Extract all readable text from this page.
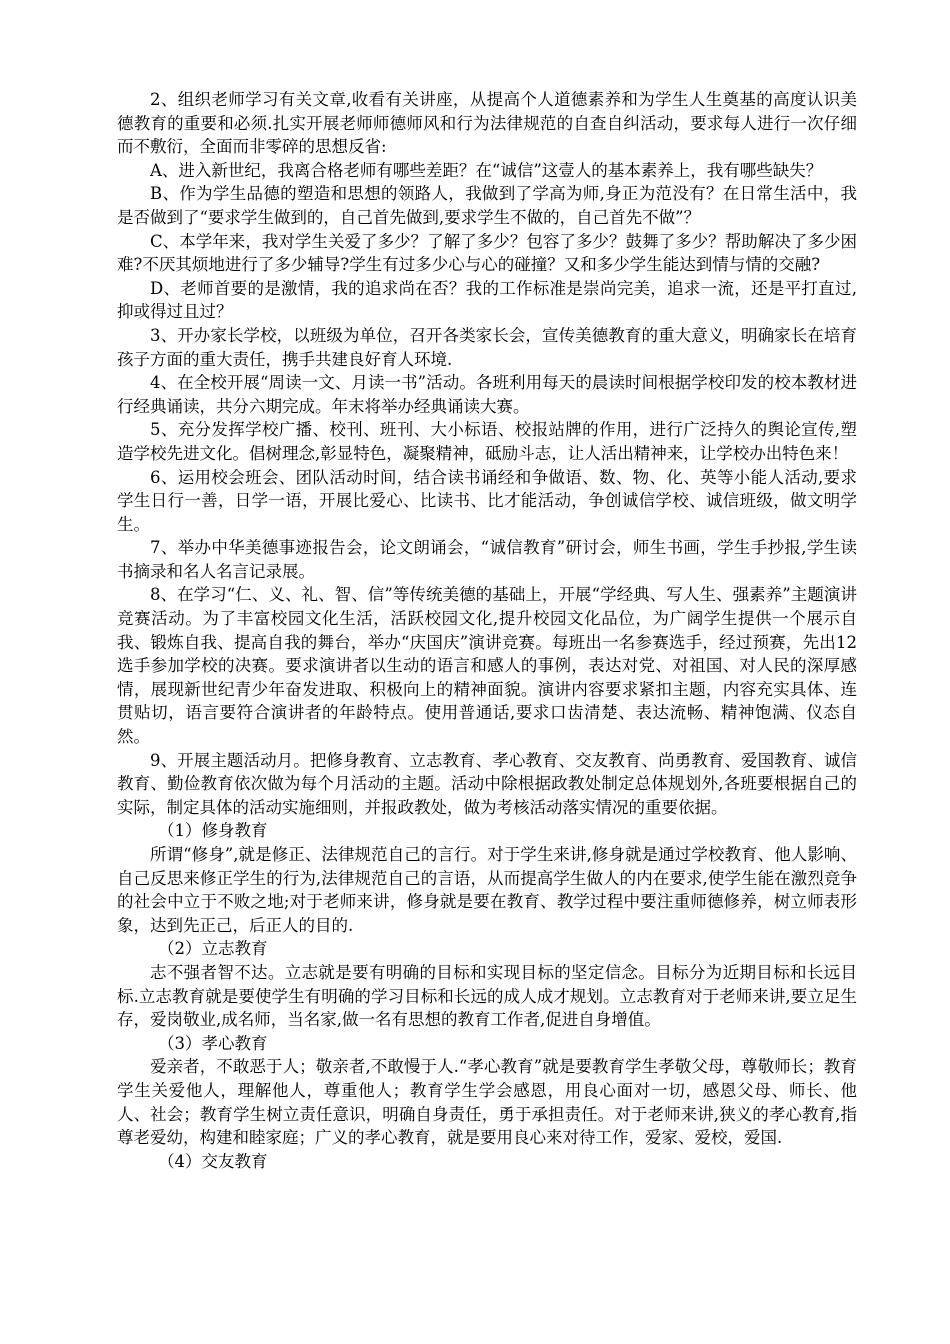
2、组织老师学习有关文章,收看有关讲座，从提高个人道德素养和为学生人生奠基的高度认识美德教育的重要和必须.扎实开展老师师德师风和行为法律规范的自查自纠活动，要求每人进行一次仔细而不敷衍，全面而非零碎的思想反省:

A、进入新世纪，我离合格老师有哪些差距？在“诚信”这壹人的基本素养上，我有哪些缺失？

B、作为学生品德的塑造和思想的领路人，我做到了学高为师,身正为范没有？在日常生活中，我是否做到了“要求学生做到的，自己首先做到,要求学生不做的，自己首先不做”？

C、本学年来，我对学生关爱了多少？了解了多少？包容了多少？鼓舞了多少？帮助解决了多少困难?不厌其烦地进行了多少辅导?学生有过多少心与心的碰撞？又和多少学生能达到情与情的交融?

D、老师首要的是激情，我的追求尚在否？我的工作标准是崇尚完美，追求一流，还是平打直过,抑或得过且过？

3、开办家长学校，以班级为单位，召开各类家长会，宣传美德教育的重大意义，明确家长在培育孩子方面的重大责任，携手共建良好育人环境.

4、在全校开展“周读一文、月读一书”活动。各班利用每天的晨读时间根据学校印发的校本教材进行经典诵读，共分六期完成。年末将举办经典诵读大赛。

5、充分发挥学校广播、校刊、班刊、大小标语、校报站牌的作用，进行广泛持久的舆论宣传,塑造学校先进文化。倡树理念,彰显特色，凝聚精神，砥励斗志，让人活出精神来，让学校办出特色来！

6、运用校会班会、团队活动时间，结合读书诵经和争做语、数、物、化、英等小能人活动,要求学生日行一善，日学一语，开展比爱心、比读书、比才能活动，争创诚信学校、诚信班级，做文明学生。

7、举办中华美德事迹报告会，论文朗诵会，“诚信教育”研讨会，师生书画，学生手抄报,学生读书摘录和名人名言记录展。

8、在学习“仁、义、礼、智、信”等传统美德的基础上，开展“学经典、写人生、强素养”主题演讲竞赛活动。为了丰富校园文化生活，活跃校园文化,提升校园文化品位，为广阔学生提供一个展示自我、锻炼自我、提高自我的舞台，举办“庆国庆”演讲竞赛。每班出一名参赛选手，经过预赛，先出12选手参加学校的决赛。要求演讲者以生动的语言和感人的事例，表达对党、对祖国、对人民的深厚感情，展现新世纪青少年奋发进取、积极向上的精神面貌。演讲内容要求紧扣主题，内容充实具体、连贯贴切，语言要符合演讲者的年龄特点。使用普通话,要求口齿清楚、表达流畅、精神饱满、仪态自然。

9、开展主题活动月。把修身教育、立志教育、孝心教育、交友教育、尚勇教育、爱国教育、诚信教育、勤俭教育依次做为每个月活动的主题。活动中除根据政教处制定总体规划外,各班要根据自己的实际，制定具体的活动实施细则，并报政教处，做为考核活动落实情况的重要依据。

（1）修身教育

所谓“修身”,就是修正、法律规范自己的言行。对于学生来讲,修身就是通过学校教育、他人影响、自己反思来修正学生的行为,法律规范自己的言语，从而提高学生做人的内在要求,使学生能在激烈竞争的社会中立于不败之地;对于老师来讲，修身就是要在教育、教学过程中要注重师德修养，树立师表形象，达到先正己，后正人的目的.

（2）立志教育

志不强者智不达。立志就是要有明确的目标和实现目标的坚定信念。目标分为近期目标和长远目标.立志教育就是要使学生有明确的学习目标和长远的成人成才规划。立志教育对于老师来讲,要立足生存，爱岗敬业,成名师，当名家,做一名有思想的教育工作者,促进自身增值。

（3）孝心教育

爱亲者，不敢恶于人；敬亲者,不敢慢于人.“孝心教育”就是要教育学生孝敬父母，尊敬师长；教育学生关爱他人，理解他人，尊重他人；教育学生学会感恩，用良心面对一切，感恩父母、师长、他人、社会；教育学生树立责任意识，明确自身责任，勇于承担责任。对于老师来讲,狭义的孝心教育,指尊老爱幼，构建和睦家庭；广义的孝心教育，就是要用良心来对待工作，爱家、爱校，爱国.

（4）交友教育
